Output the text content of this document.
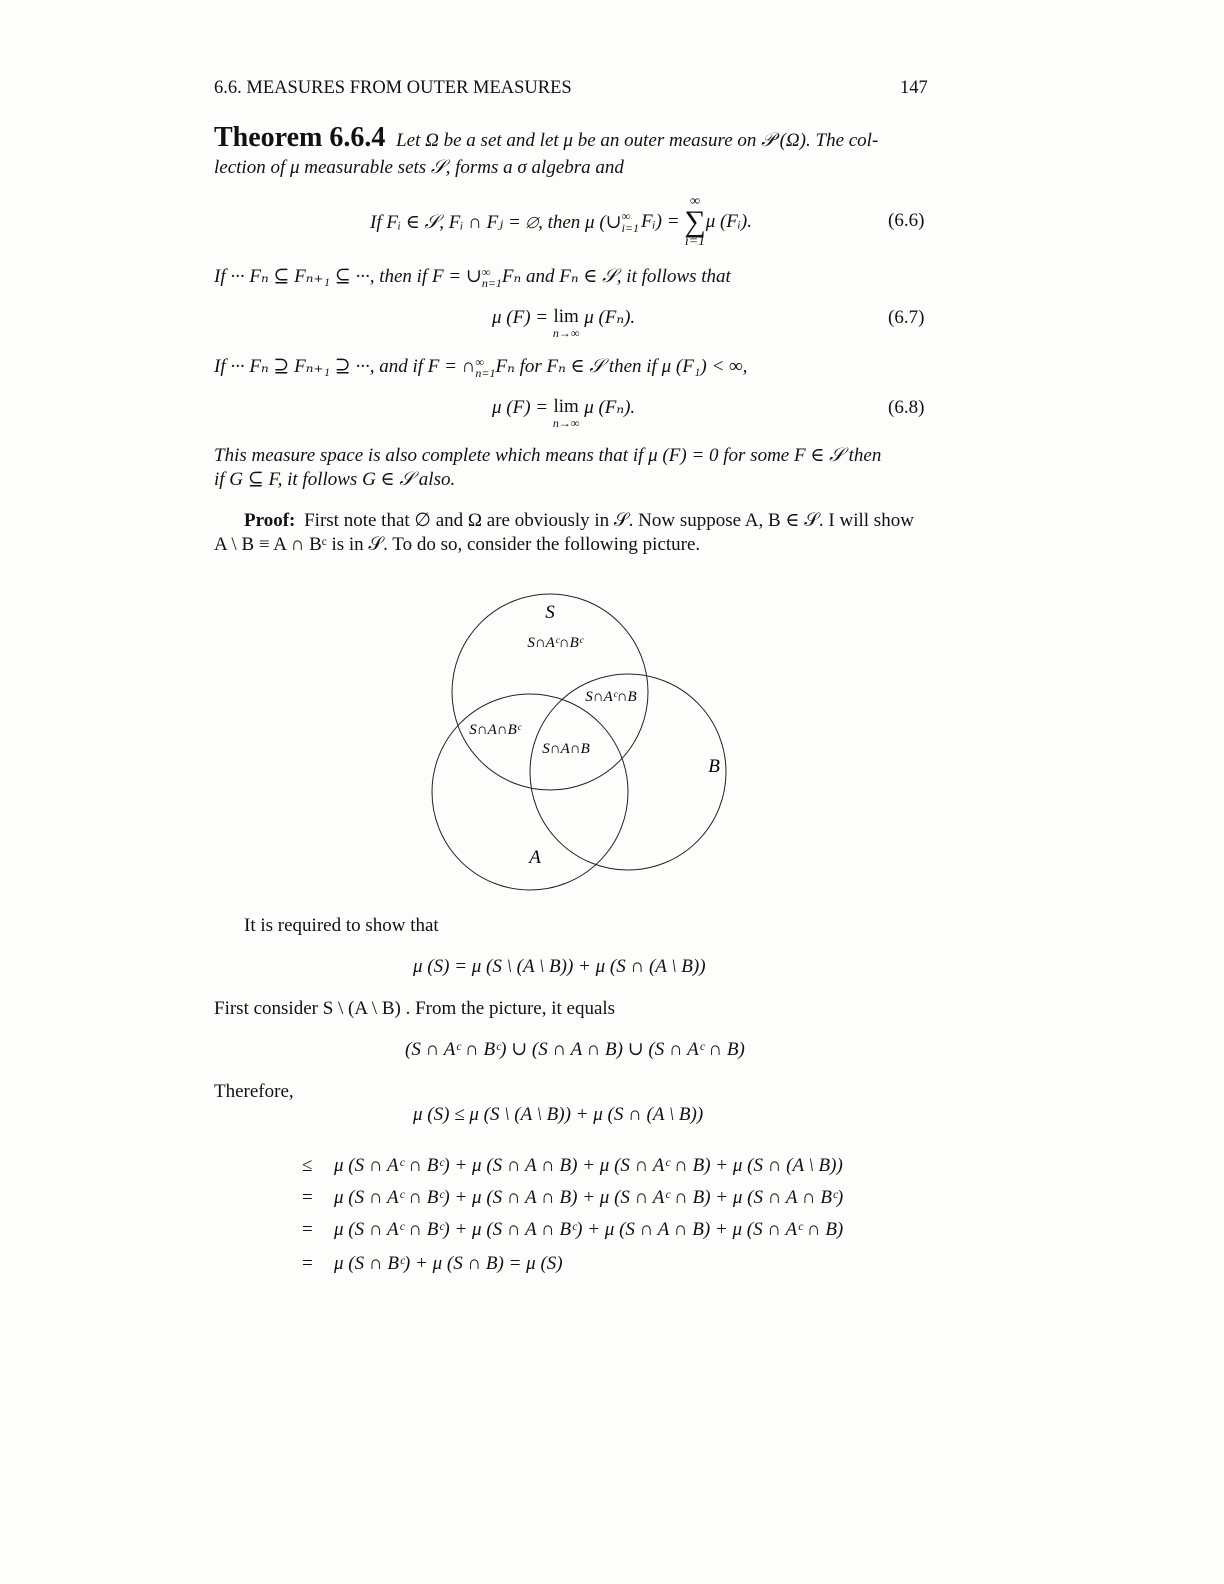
6.6. MEASURES FROM OUTER MEASURES	147
Theorem 6.6.4 Let Ω be a set and let μ be an outer measure on 𝒫 (Ω). The col-
lection of μ measurable sets 𝒮, forms a σ algebra and
If Fᵢ ∈ 𝒮, Fᵢ ∩ Fⱼ = ∅, then μ (∪ ∞
i=1 Fᵢ) =
∞
∑
i=1
μ (Fᵢ).	(6.6)
If ··· Fₙ ⊆ Fₙ₊₁ ⊆ ···, then if F = ∪ ∞
n=1 Fₙ and Fₙ ∈ 𝒮, it follows that
μ (F) = lim
n→∞
μ (Fₙ).	(6.7)
If ··· Fₙ ⊇ Fₙ₊₁ ⊇ ···, and if F = ∩ ∞
n=1 Fₙ for Fₙ ∈ 𝒮 then if μ (F₁) < ∞,
μ (F) = lim
n→∞
μ (Fₙ).	(6.8)
This measure space is also complete which means that if μ (F) = 0 for some F ∈ 𝒮 then
if G ⊆ F, it follows G ∈ 𝒮 also.
Proof: First note that ∅ and Ω are obviously in 𝒮. Now suppose A, B ∈ 𝒮. I will show
A \ B ≡ A ∩ Bᶜ is in 𝒮. To do so, consider the following picture.
S
A
B
S∩Aᶜ∩Bᶜ
S∩Aᶜ∩B
S∩A∩Bᶜ
S∩A∩B
It is required to show that
μ (S) = μ (S \ (A \ B)) + μ (S ∩ (A \ B))
First consider S \ (A \ B) . From the picture, it equals
(S ∩ Aᶜ ∩ Bᶜ) ∪ (S ∩ A ∩ B) ∪ (S ∩ Aᶜ ∩ B)
Therefore,
μ (S) ≤ μ (S \ (A \ B)) + μ (S ∩ (A \ B))
≤ μ (S ∩ Aᶜ ∩ Bᶜ) + μ (S ∩ A ∩ B) + μ (S ∩ Aᶜ ∩ B) + μ (S ∩ (A \ B))
= μ (S ∩ Aᶜ ∩ Bᶜ) + μ (S ∩ A ∩ B) + μ (S ∩ Aᶜ ∩ B) + μ (S ∩ A ∩ Bᶜ)
= μ (S ∩ Aᶜ ∩ Bᶜ) + μ (S ∩ A ∩ Bᶜ) + μ (S ∩ A ∩ B) + μ (S ∩ Aᶜ ∩ B)
= μ (S ∩ Bᶜ) + μ (S ∩ B) = μ (S)
